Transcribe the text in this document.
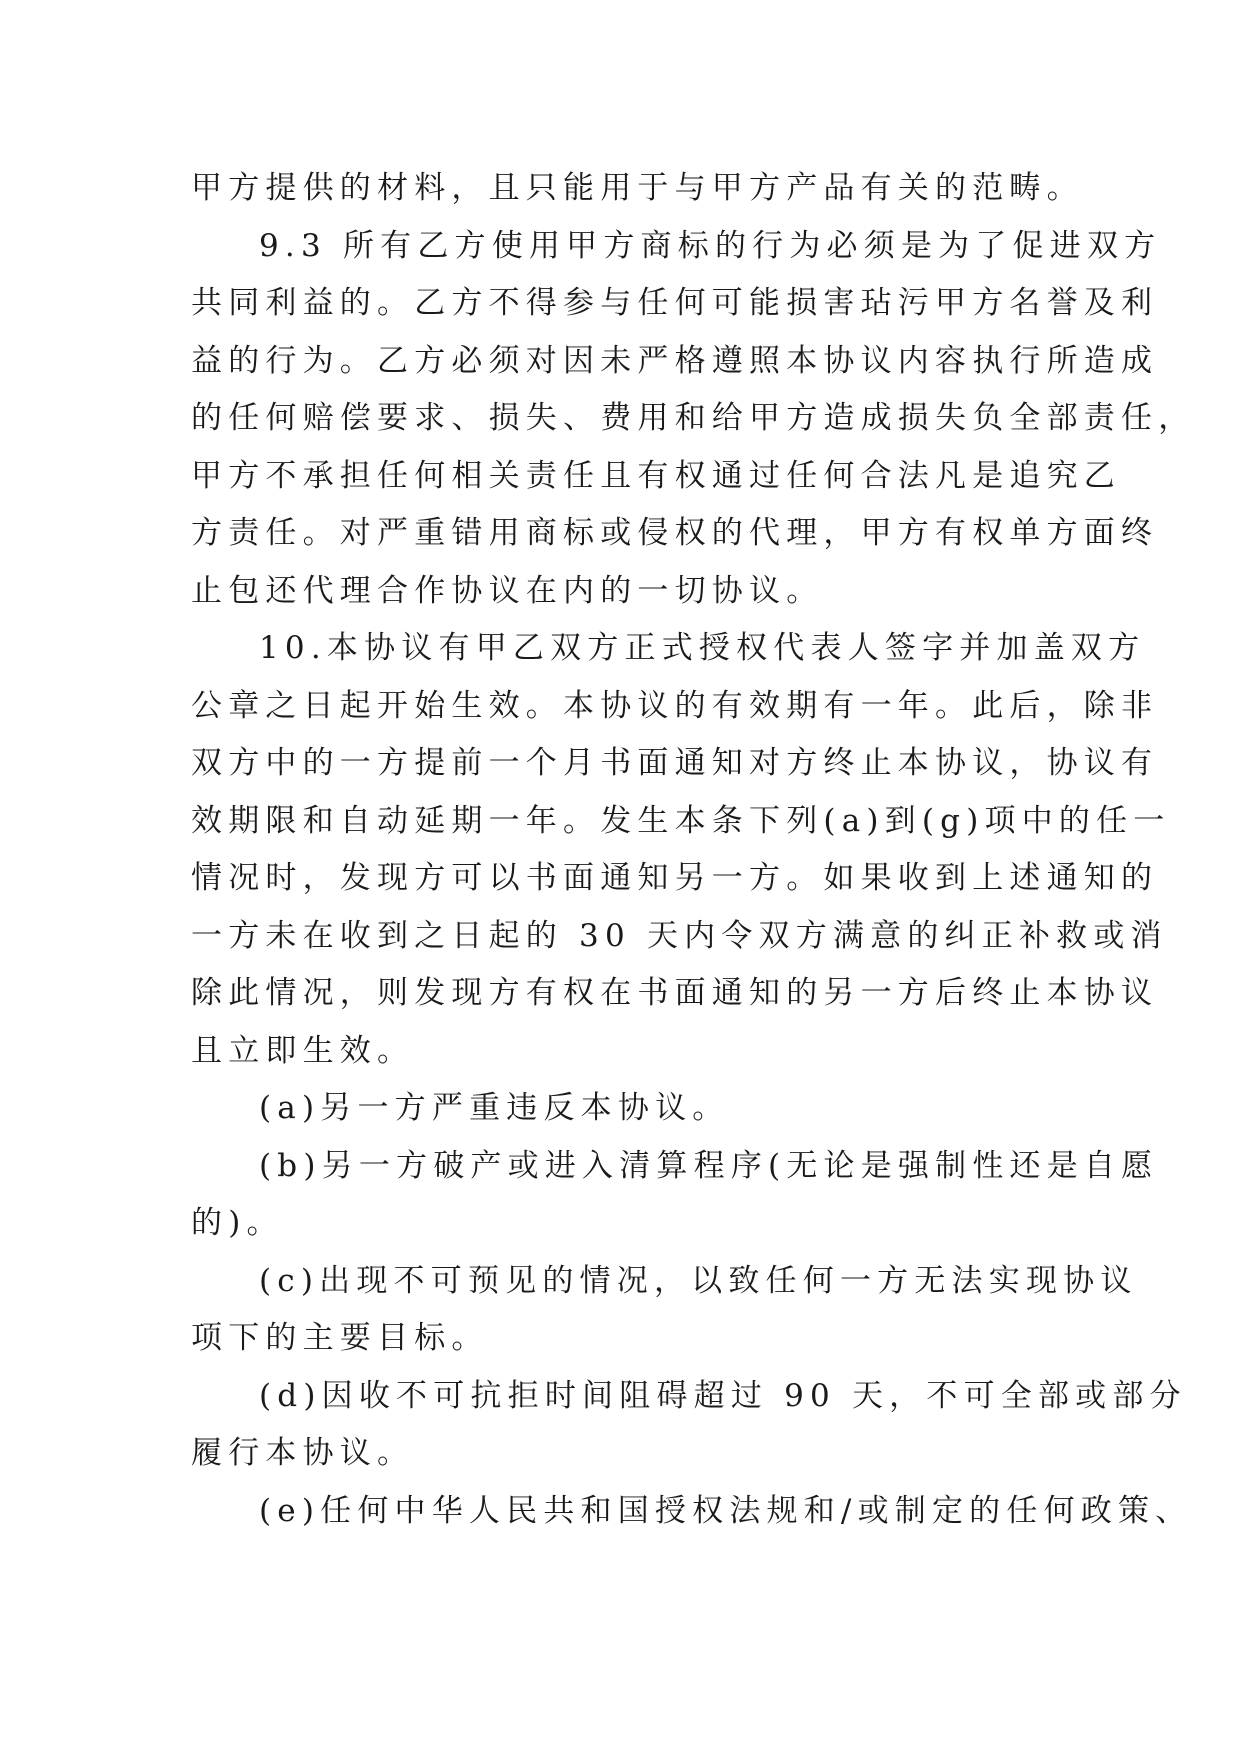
甲方提供的材料，且只能用于与甲方产品有关的范畴。

9.3 所有乙方使用甲方商标的行为必须是为了促进双方
共同利益的。乙方不得参与任何可能损害玷污甲方名誉及利
益的行为。乙方必须对因未严格遵照本协议内容执行所造成
的任何赔偿要求、损失、费用和给甲方造成损失负全部责任，
甲方不承担任何相关责任且有权通过任何合法凡是追究乙
方责任。对严重错用商标或侵权的代理，甲方有权单方面终
止包还代理合作协议在内的一切协议。

10.本协议有甲乙双方正式授权代表人签字并加盖双方
公章之日起开始生效。本协议的有效期有一年。此后，除非
双方中的一方提前一个月书面通知对方终止本协议，协议有
效期限和自动延期一年。发生本条下列(a)到(g)项中的任一
情况时，发现方可以书面通知另一方。如果收到上述通知的
一方未在收到之日起的 30 天内令双方满意的纠正补救或消
除此情况，则发现方有权在书面通知的另一方后终止本协议
且立即生效。

(a)另一方严重违反本协议。

(b)另一方破产或进入清算程序(无论是强制性还是自愿
的)。

(c)出现不可预见的情况，以致任何一方无法实现协议
项下的主要目标。

(d)因收不可抗拒时间阻碍超过 90 天，不可全部或部分
履行本协议。

(e)任何中华人民共和国授权法规和/或制定的任何政策、
